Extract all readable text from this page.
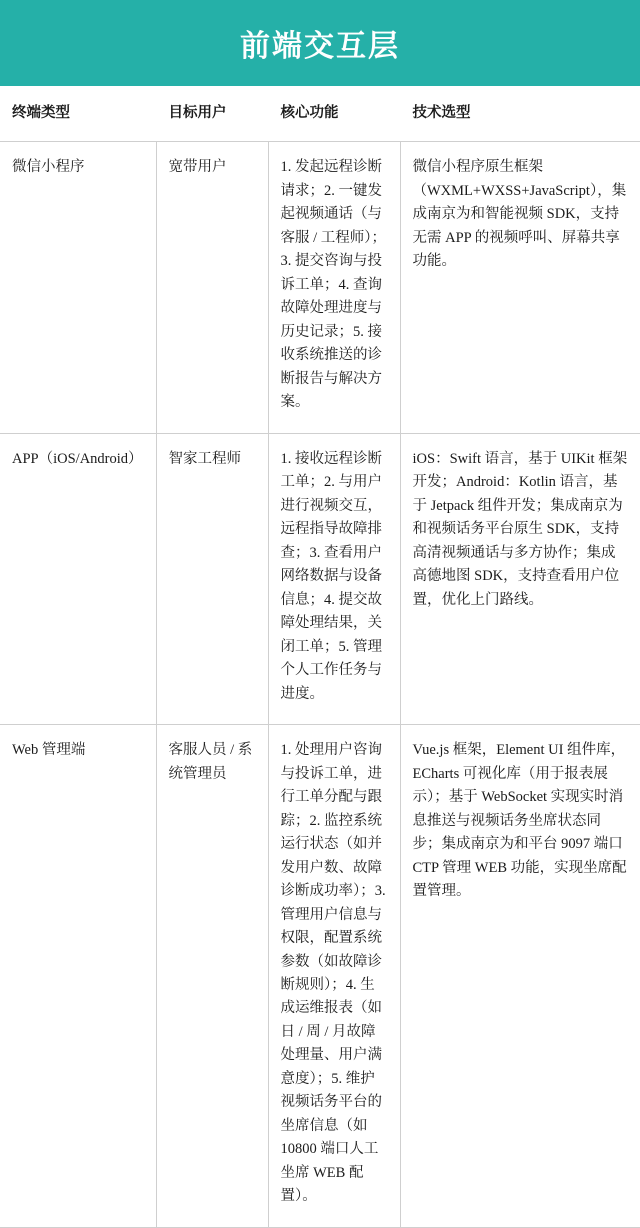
前端交互层
终端类型	目标用户	核心功能	技术选型

微信小程序	宽带用户	1. 发起远程诊断请求；2. 一键发起视频通话（与客服 / 工程师）；3. 提交咨询与投诉工单；4. 查询故障处理进度与历史记录；5. 接收系统推送的诊断报告与解决方案。	微信小程序原生框架（WXML+WXSS+JavaScript），集成南京为和智能视频 SDK，支持无需 APP 的视频呼叫、屏幕共享功能。

APP（iOS/Android）	智家工程师	1. 接收远程诊断工单；2. 与用户进行视频交互，远程指导故障排查；3. 查看用户网络数据与设备信息；4. 提交故障处理结果，关闭工单；5. 管理个人工作任务与进度。	iOS：Swift 语言，基于 UIKit 框架开发；Android：Kotlin 语言，基于 Jetpack 组件开发；集成南京为和视频话务平台原生 SDK，支持高清视频通话与多方协作；集成高德地图 SDK，支持查看用户位置，优化上门路线。

Web 管理端	客服人员 / 系统管理员	1. 处理用户咨询与投诉工单，进行工单分配与跟踪；2. 监控系统运行状态（如并发用户数、故障诊断成功率）；3. 管理用户信息与权限，配置系统参数（如故障诊断规则）；4. 生成运维报表（如日 / 周 / 月故障处理量、用户满意度）；5. 维护视频话务平台的坐席信息（如 10800 端口人工坐席 WEB 配置）。	Vue.js 框架，Element UI 组件库，ECharts 可视化库（用于报表展示）；基于 WebSocket 实现实时消息推送与视频话务坐席状态同步；集成南京为和平台 9097 端口 CTP 管理 WEB 功能，实现坐席配置管理。
